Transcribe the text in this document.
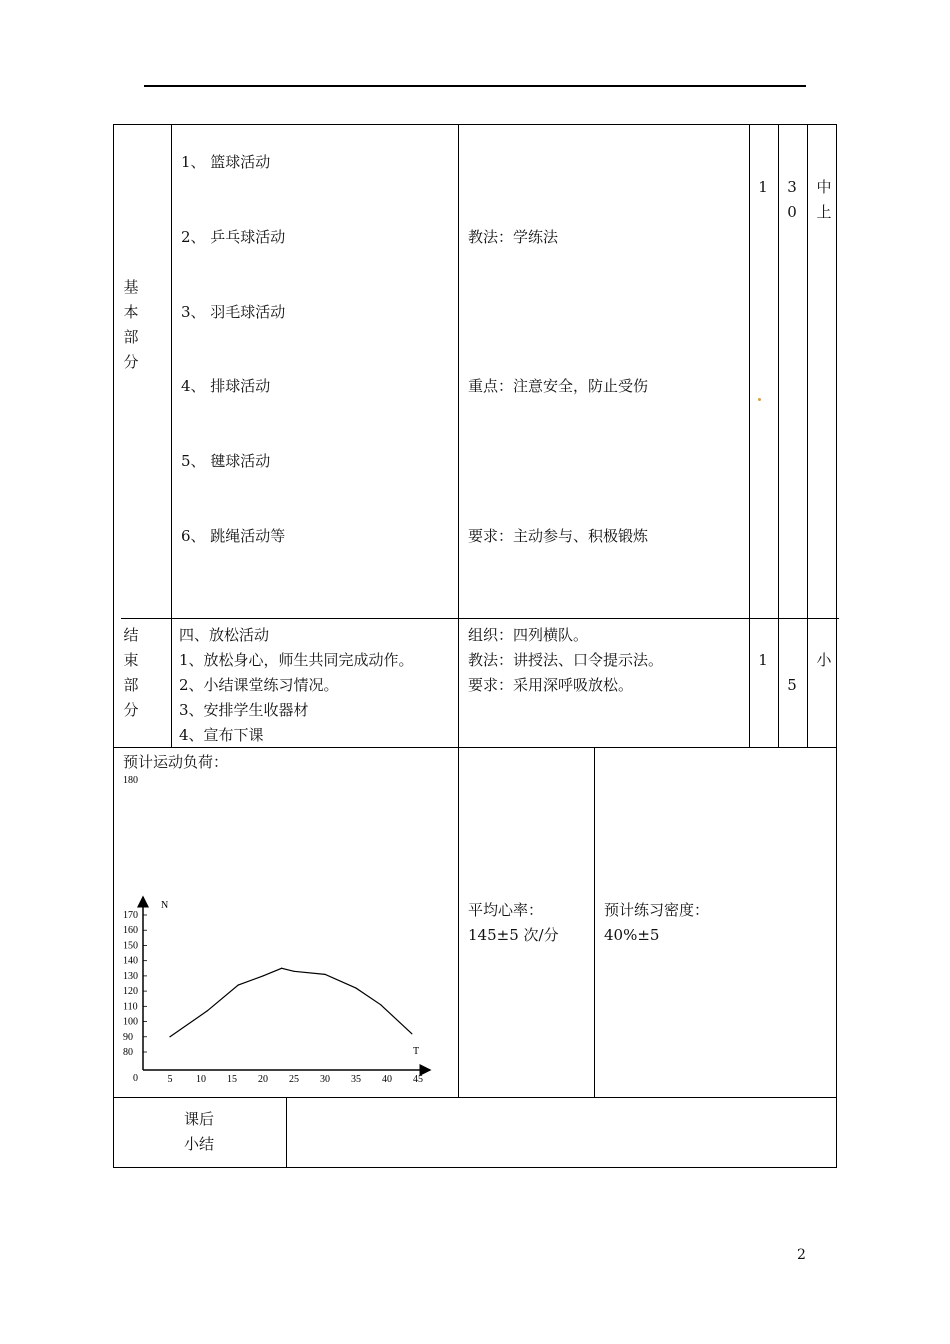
基
本
部
分
1、 篮球活动
2、 乒乓球活动
3、 羽毛球活动
4、 排球活动
5、 毽球活动
6、 跳绳活动等
教法：学练法
重点：注意安全，防止受伤
要求：主动参与、积极锻炼
1	3
0
中
上
结
束
部
分
四、放松活动
1、放松身心，师生共同完成动作。
2、小结课堂练习情况。
3、安排学生收器材
4、宣布下课
组织：四列横队。
教法：讲授法、口令提示法。
要求：采用深呼吸放松。
1
5
小
预计运动负荷：
平均心率：
145±5 次/分
预计练习密度：
40%±5
180
N
T
0
170
160
150
140
130
120
110
100
90
80
5 10 15 20 25 30 35 40 45
课后
小结
2
